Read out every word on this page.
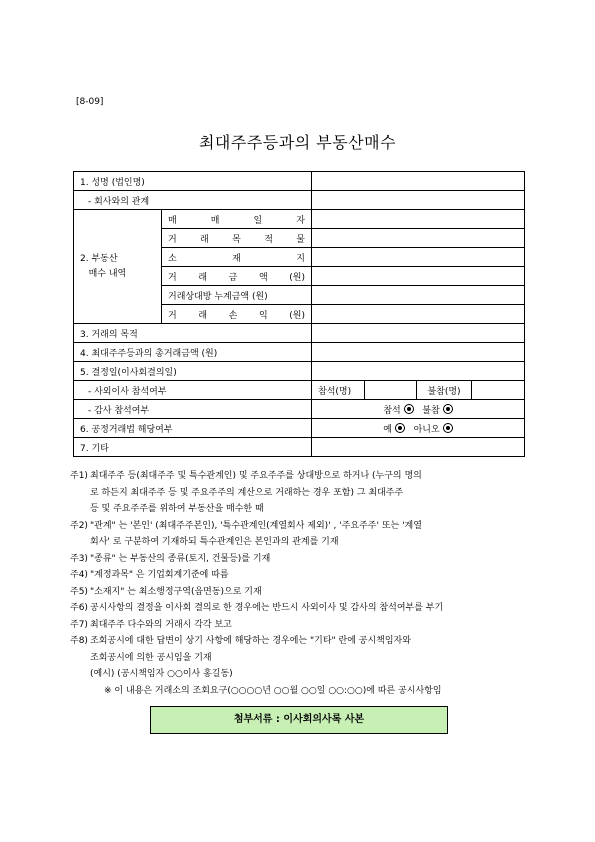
[8-09]
최대주주등과의 부동산매수
1. 성명 (법인명)					
- 회사와의 관계					
2. 부동산
매수 내역	매 매 일 자				
	거 래 목 적 물				
	소 재 지				
	거 래 금 액 (원)				
	거래상대방 누계금액 (원)				
	거 래 손 익 (원)				
3. 거래의 목적					
4. 최대주주등과의 총거래금액 (원)					
5. 결정일(이사회결의일)					
- 사외이사 참석여부		참석(명)		불참(명)	
- 감사 참석여부		참석 불참			
6. 공정거래법 해당여부		예 아니오			
7. 기타					
주1) 최대주주 등(최대주주 및 특수관계인) 및 주요주주를 상대방으로 하거나 (누구의 명의
로 하든지 최대주주 등 및 주요주주의 계산으로 거래하는 경우 포함) 그 최대주주
등 및 주요주주를 위하여 부동산을 매수한 때
주2) "관계" 는 '본인' (최대주주본인), '특수관계인(계열회사 제외)' , '주요주주' 또는 '계열
회사' 로 구분하여 기재하되 특수관계인은 본인과의 관계를 기재
주3) "종류" 는 부동산의 종류(토지, 건물등)를 기재
주4) "계정과목" 은 기업회계기준에 따름
주5) "소재지" 는 최소행정구역(읍면동)으로 기재
주6) 공시사항의 결정을 이사회 결의로 한 경우에는 반드시 사외이사 및 감사의 참석여부를 부기
주7) 최대주주 다수와의 거래시 각각 보고
주8) 조회공시에 대한 답변이 상기 사항에 해당하는 경우에는 "기타" 란에 공시책임자와
조회공시에 의한 공시임을 기재
(예시) (공시책임자 ○○이사 홍길동)
※ 이 내용은 거래소의 조회요구(○○○○년 ○○월 ○○일 ○○:○○)에 따른 공시사항임
첨부서류 : 이사회의사록 사본
